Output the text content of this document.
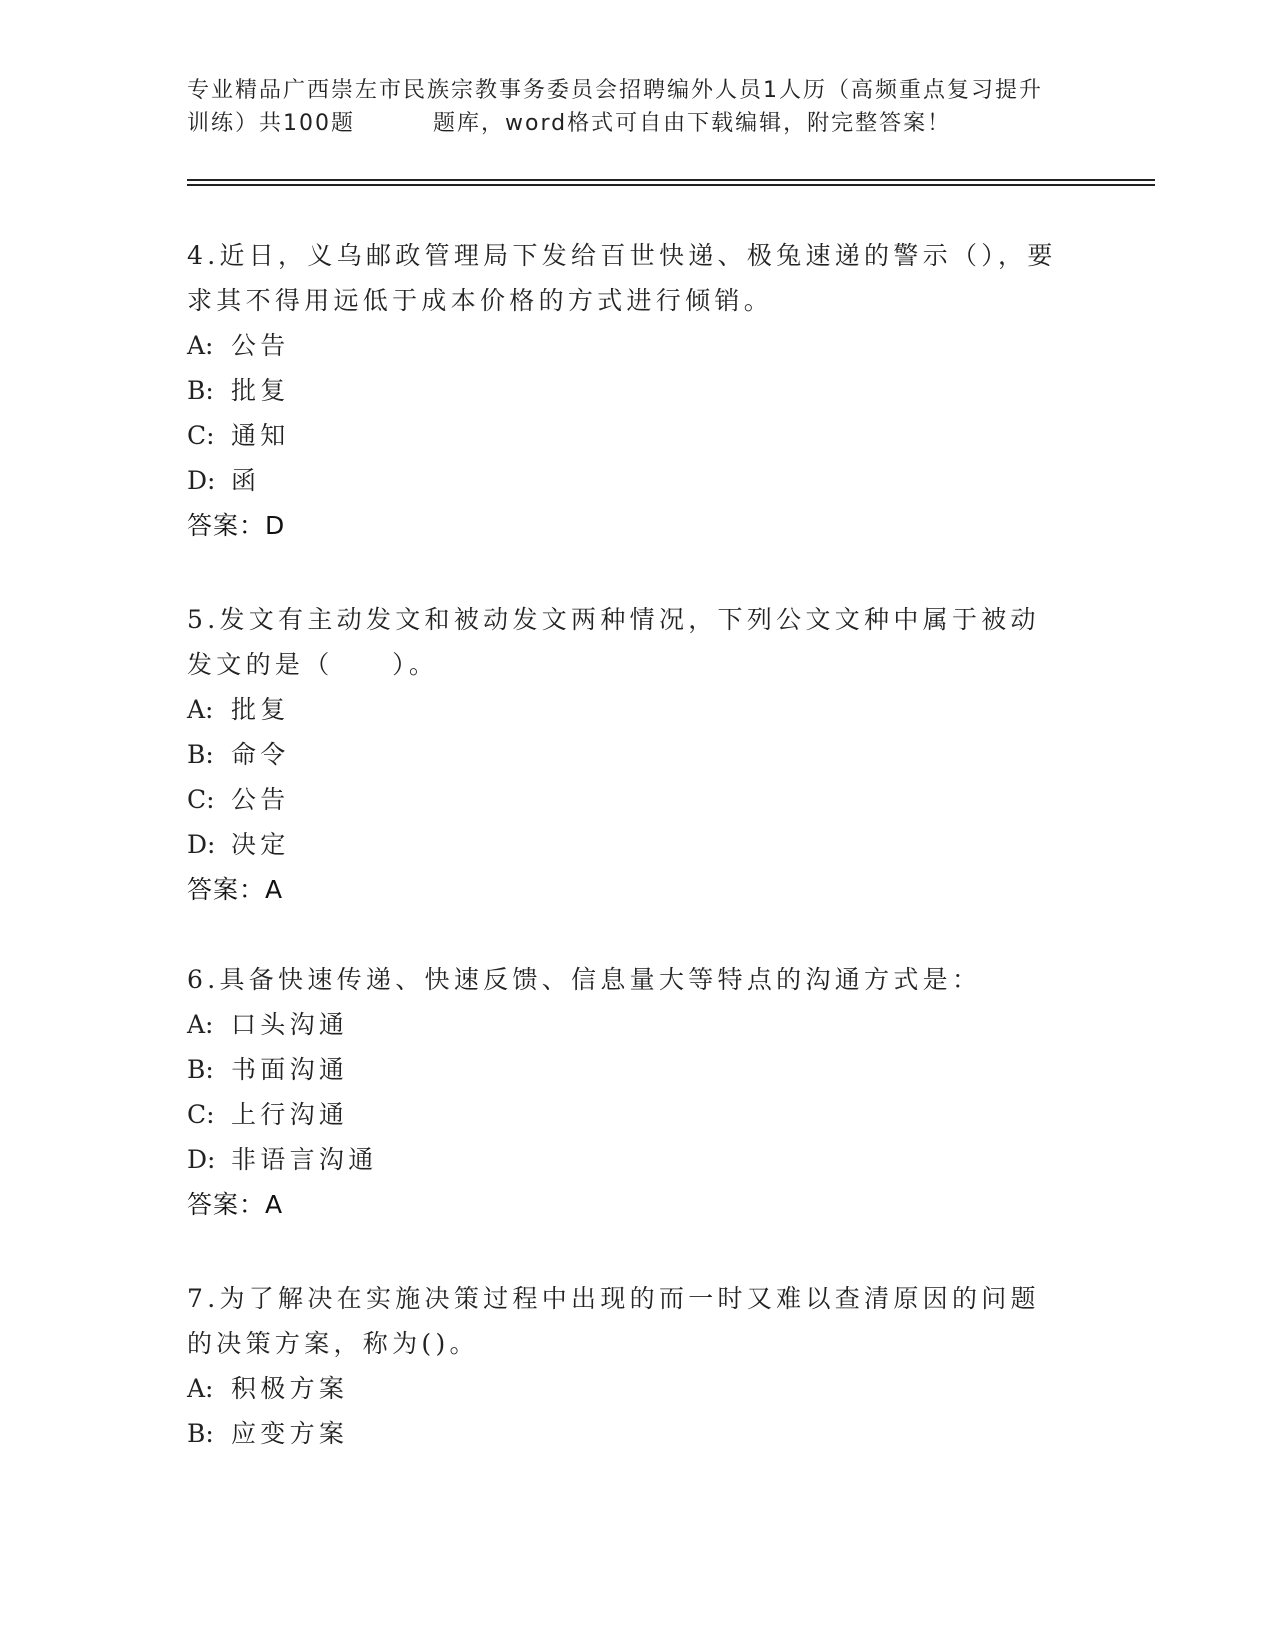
专业精品广西崇左市民族宗教事务委员会招聘编外人员1人历（高频重点复习提升
训练）共100题	题库，word格式可自由下载编辑，附完整答案！
4.近日，义乌邮政管理局下发给百世快递、极兔速递的警示（），要求其不得用远低于成本价格的方式进行倾销。
A: 公告
B: 批复
C: 通知
D: 函
答案：D
5.发文有主动发文和被动发文两种情况，下列公文文种中属于被动发文的是（　　）。
A: 批复
B: 命令
C: 公告
D: 决定
答案：A
6.具备快速传递、快速反馈、信息量大等特点的沟通方式是：
A: 口头沟通
B: 书面沟通
C: 上行沟通
D: 非语言沟通
答案：A
7.为了解决在实施决策过程中出现的而一时又难以查清原因的问题的决策方案，称为()。
A: 积极方案
B: 应变方案
